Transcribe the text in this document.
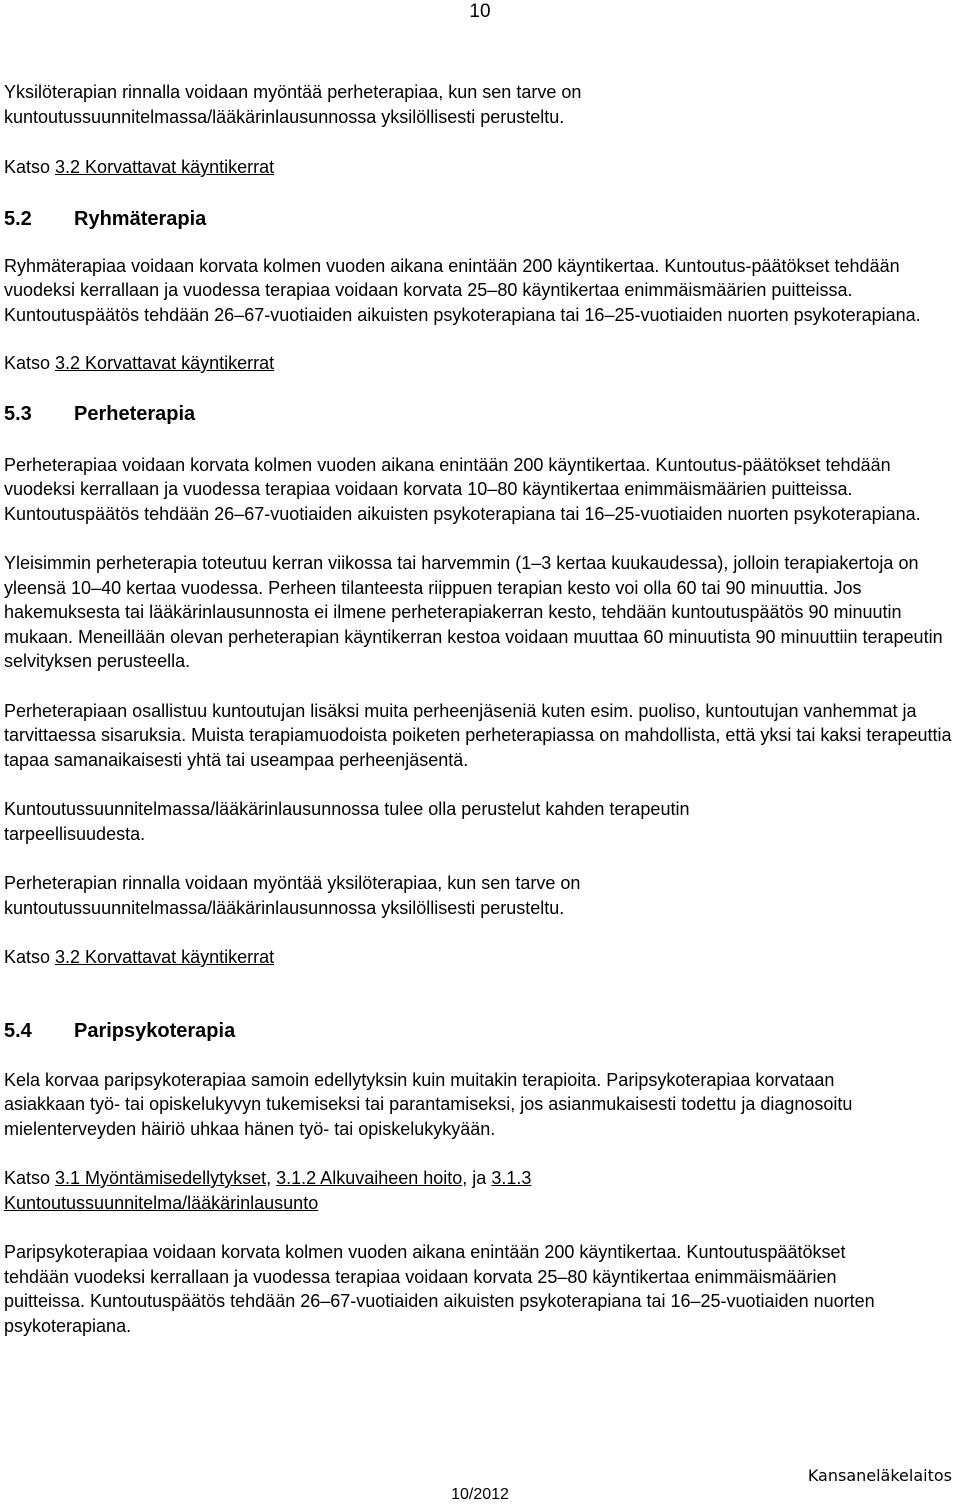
10

Yksilöterapian rinnalla voidaan myöntää perheterapiaa, kun sen tarve on kuntoutussuunnitelmassa/lääkärinlausunnossa yksilöllisesti perusteltu.

Katso 3.2 Korvattavat käyntikerrat

5.2 Ryhmäterapia

Ryhmäterapiaa voidaan korvata kolmen vuoden aikana enintään 200 käyntikertaa. Kuntoutus-päätökset tehdään vuodeksi kerrallaan ja vuodessa terapiaa voidaan korvata 25–80 käyntikertaa enimmäismäärien puitteissa. Kuntoutuspäätös tehdään 26–67-vuotiaiden aikuisten psykoterapiana tai 16–25-vuotiaiden nuorten psykoterapiana.

Katso 3.2 Korvattavat käyntikerrat

5.3 Perheterapia

Perheterapiaa voidaan korvata kolmen vuoden aikana enintään 200 käyntikertaa. Kuntoutus-päätökset tehdään vuodeksi kerrallaan ja vuodessa terapiaa voidaan korvata 10–80 käyntikertaa enimmäismäärien puitteissa. Kuntoutuspäätös tehdään 26–67-vuotiaiden aikuisten psykoterapiana tai 16–25-vuotiaiden nuorten psykoterapiana.

Yleisimmin perheterapia toteutuu kerran viikossa tai harvemmin (1–3 kertaa kuukaudessa), jolloin terapiakertoja on yleensä 10–40 kertaa vuodessa. Perheen tilanteesta riippuen terapian kesto voi olla 60 tai 90 minuuttia. Jos hakemuksesta tai lääkärinlausunnosta ei ilmene perheterapiakerran kesto, tehdään kuntoutuspäätös 90 minuutin mukaan. Meneillään olevan perheterapian käyntikerran kestoa voidaan muuttaa 60 minuutista 90 minuuttiin terapeutin selvityksen perusteella.

Perheterapiaan osallistuu kuntoutujan lisäksi muita perheenjäseniä kuten esim. puoliso, kuntoutujan vanhemmat ja tarvittaessa sisaruksia. Muista terapiamuodoista poiketen perheterapiassa on mahdollista, että yksi tai kaksi terapeuttia tapaa samanaikaisesti yhtä tai useampaa perheenjäsentä.

Kuntoutussuunnitelmassa/lääkärinlausunnossa tulee olla perustelut kahden terapeutin tarpeellisuudesta.

Perheterapian rinnalla voidaan myöntää yksilöterapiaa, kun sen tarve on kuntoutussuunnitelmassa/lääkärinlausunnossa yksilöllisesti perusteltu.

Katso 3.2 Korvattavat käyntikerrat

5.4 Paripsykoterapia

Kela korvaa paripsykoterapiaa samoin edellytyksin kuin muitakin terapioita. Paripsykoterapiaa korvataan asiakkaan työ- tai opiskelukyvyn tukemiseksi tai parantamiseksi, jos asianmukaisesti todettu ja diagnosoitu mielenterveyden häiriö uhkaa hänen työ- tai opiskelukykyään.

Katso 3.1 Myöntämisedellytykset, 3.1.2 Alkuvaiheen hoito, ja 3.1.3 Kuntoutussuunnitelma/lääkärinlausunto

Paripsykoterapiaa voidaan korvata kolmen vuoden aikana enintään 200 käyntikertaa. Kuntoutuspäätökset tehdään vuodeksi kerrallaan ja vuodessa terapiaa voidaan korvata 25–80 käyntikertaa enimmäismäärien puitteissa. Kuntoutuspäätös tehdään 26–67-vuotiaiden aikuisten psykoterapiana tai 16–25-vuotiaiden nuorten psykoterapiana.

Kansaneläkelaitos
10/2012
